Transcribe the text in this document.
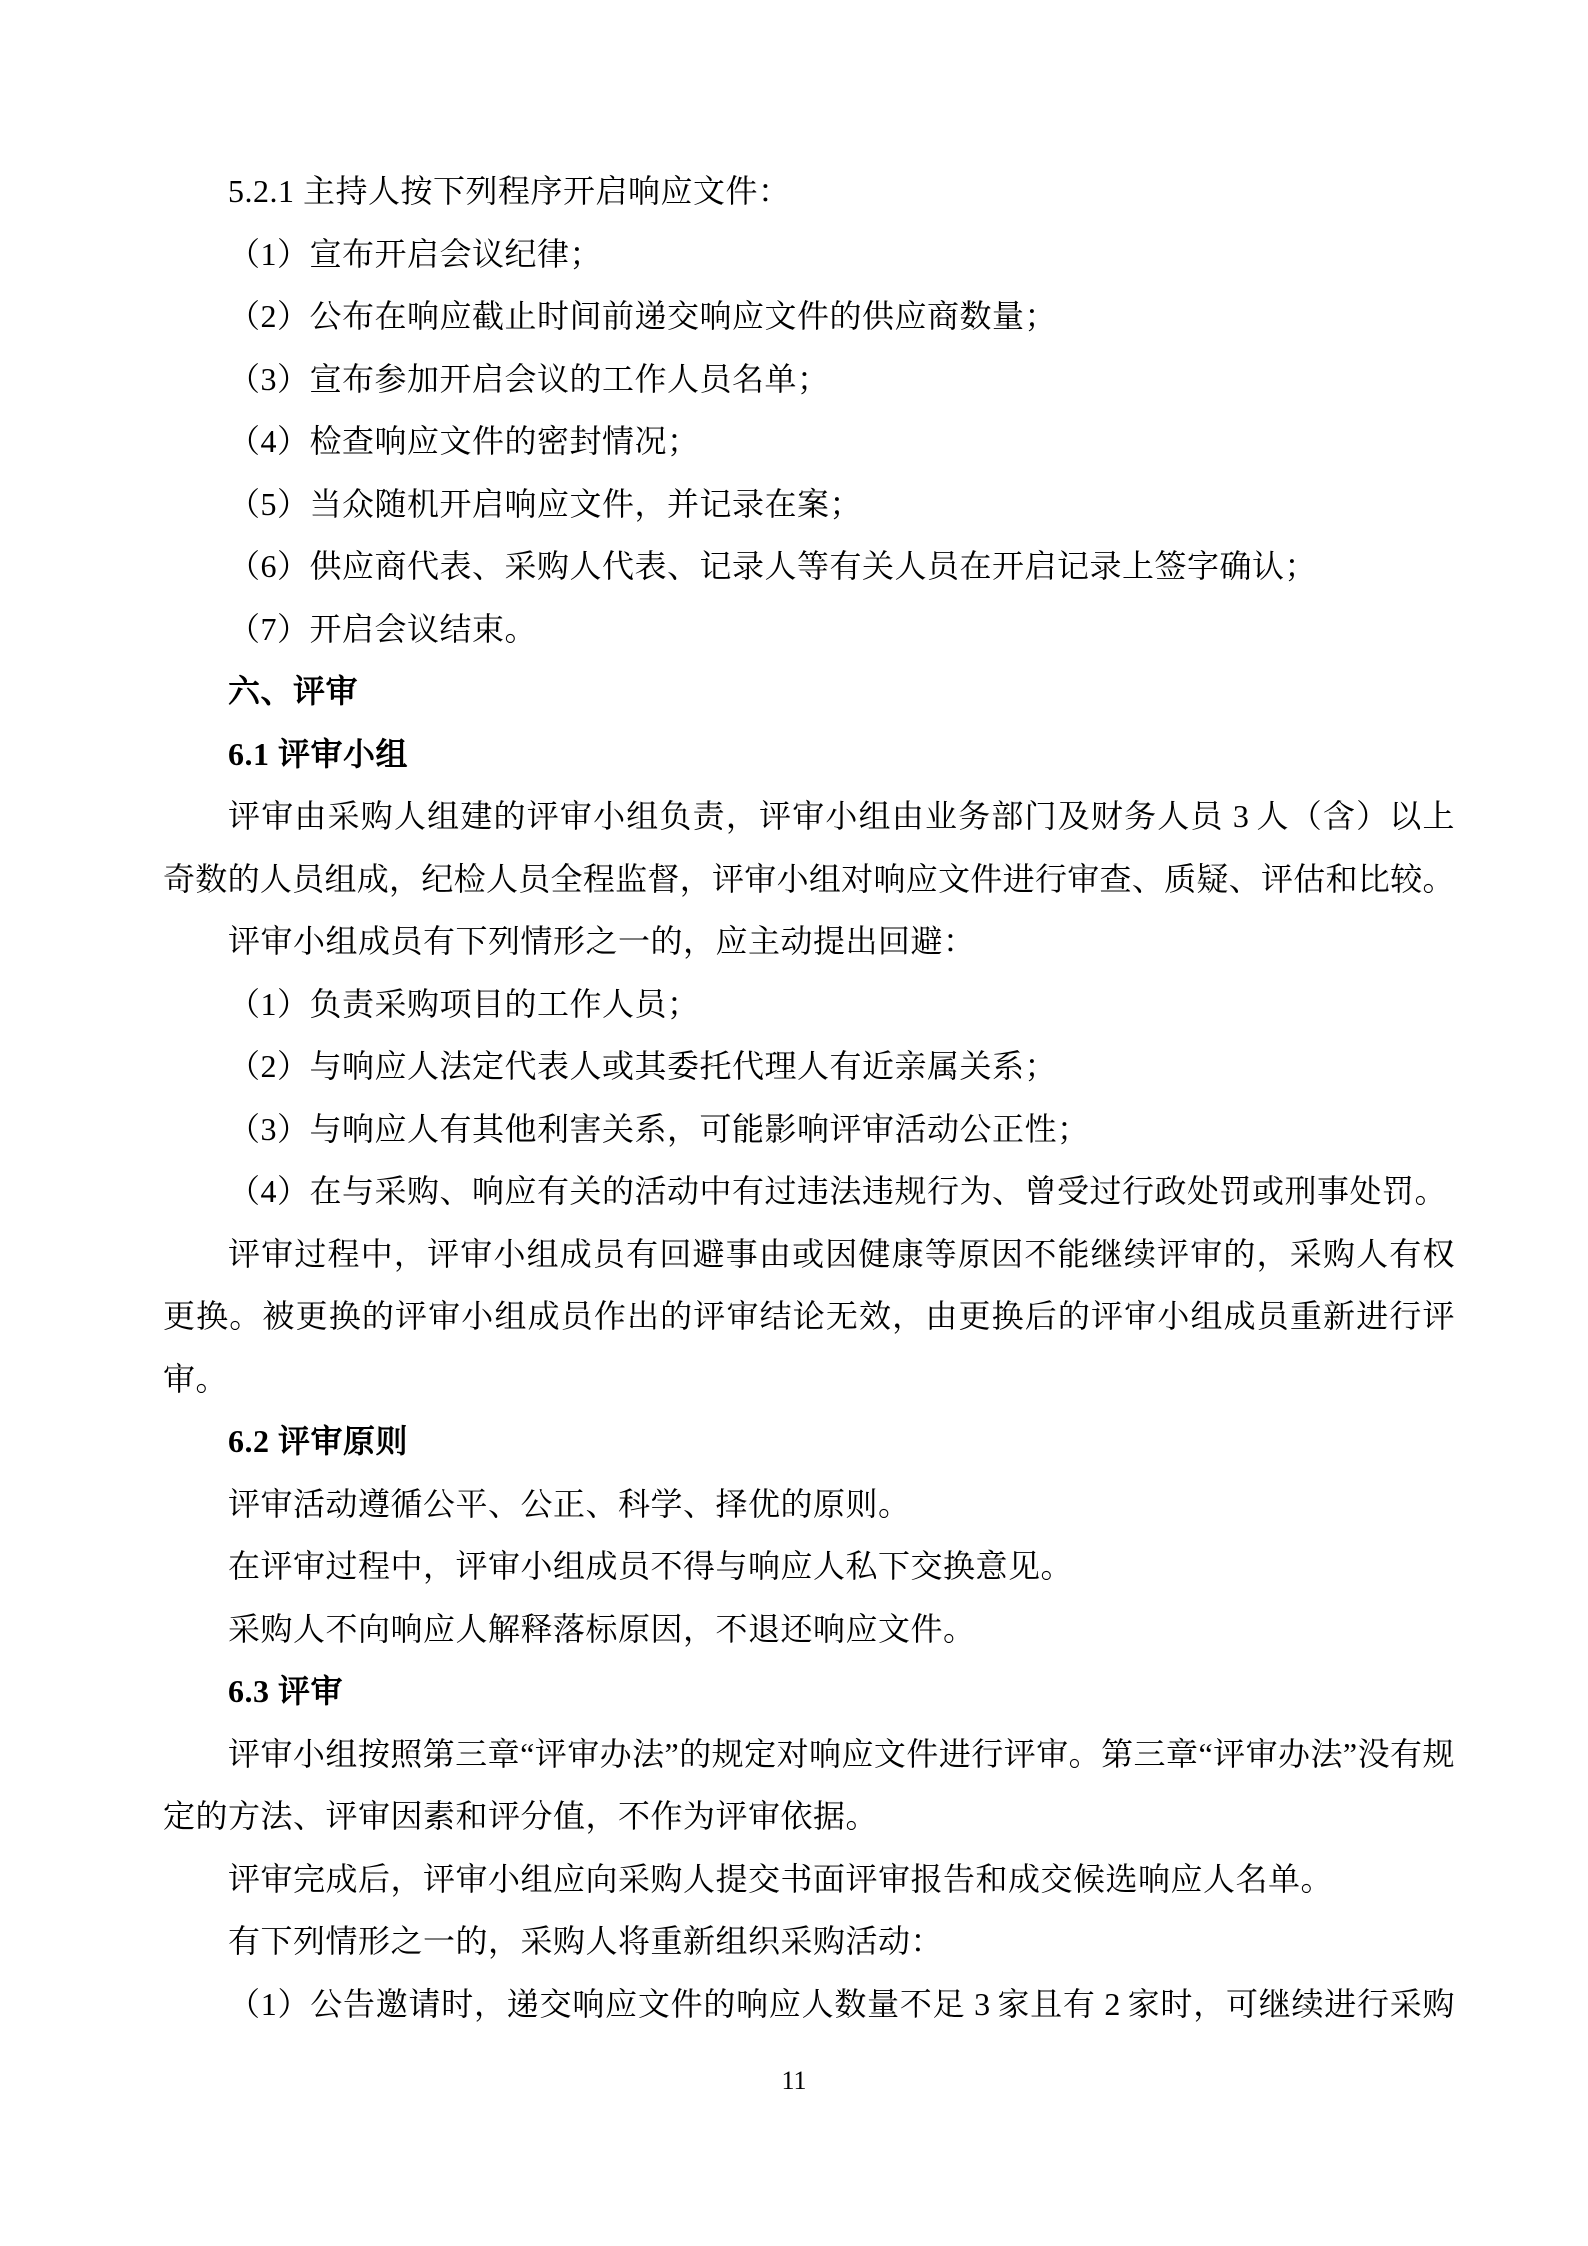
5.2.1 主持人按下列程序开启响应文件：
（1）宣布开启会议纪律；
（2）公布在响应截止时间前递交响应文件的供应商数量；
（3）宣布参加开启会议的工作人员名单；
（4）检查响应文件的密封情况；
（5）当众随机开启响应文件，并记录在案；
（6）供应商代表、采购人代表、记录人等有关人员在开启记录上签字确认；
（7）开启会议结束。
六、评审
6.1 评审小组
评审由采购人组建的评审小组负责，评审小组由业务部门及财务人员 3 人（含）以上
奇数的人员组成，纪检人员全程监督，评审小组对响应文件进行审查、质疑、评估和比较。
评审小组成员有下列情形之一的，应主动提出回避：
（1）负责采购项目的工作人员；
（2）与响应人法定代表人或其委托代理人有近亲属关系；
（3）与响应人有其他利害关系，可能影响评审活动公正性；
（4）在与采购、响应有关的活动中有过违法违规行为、曾受过行政处罚或刑事处罚。
评审过程中，评审小组成员有回避事由或因健康等原因不能继续评审的，采购人有权
更换。被更换的评审小组成员作出的评审结论无效，由更换后的评审小组成员重新进行评
审。
6.2 评审原则
评审活动遵循公平、公正、科学、择优的原则。
在评审过程中，评审小组成员不得与响应人私下交换意见。
采购人不向响应人解释落标原因，不退还响应文件。
6.3 评审
评审小组按照第三章“评审办法”的规定对响应文件进行评审。第三章“评审办法”没有规
定的方法、评审因素和评分值，不作为评审依据。
评审完成后，评审小组应向采购人提交书面评审报告和成交候选响应人名单。
有下列情形之一的，采购人将重新组织采购活动：
（1）公告邀请时，递交响应文件的响应人数量不足 3 家且有 2 家时，可继续进行采购
11
